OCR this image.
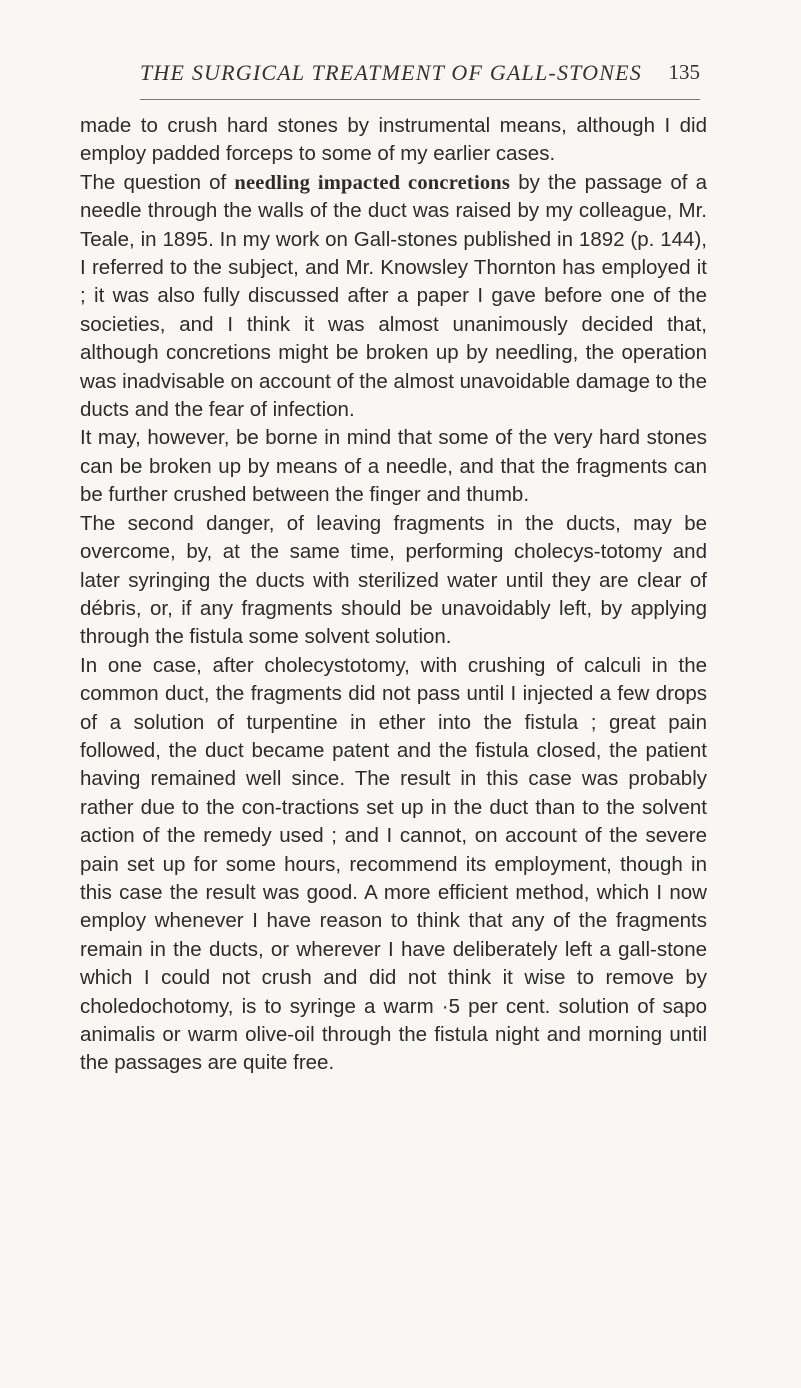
THE SURGICAL TREATMENT OF GALL-STONES 135

made to crush hard stones by instrumental means, although I did employ padded forceps to some of my earlier cases.

The question of needling impacted concretions by the passage of a needle through the walls of the duct was raised by my colleague, Mr. Teale, in 1895. In my work on Gall-stones published in 1892 (p. 144), I referred to the subject, and Mr. Knowsley Thornton has employed it ; it was also fully discussed after a paper I gave before one of the societies, and I think it was almost unanimously decided that, although concretions might be broken up by needling, the operation was inadvisable on account of the almost unavoidable damage to the ducts and the fear of infection.

It may, however, be borne in mind that some of the very hard stones can be broken up by means of a needle, and that the fragments can be further crushed between the finger and thumb.

The second danger, of leaving fragments in the ducts, may be overcome, by, at the same time, performing cholecys-totomy and later syringing the ducts with sterilized water until they are clear of débris, or, if any fragments should be unavoidably left, by applying through the fistula some solvent solution.

In one case, after cholecystotomy, with crushing of calculi in the common duct, the fragments did not pass until I injected a few drops of a solution of turpentine in ether into the fistula ; great pain followed, the duct became patent and the fistula closed, the patient having remained well since. The result in this case was probably rather due to the con-tractions set up in the duct than to the solvent action of the remedy used ; and I cannot, on account of the severe pain set up for some hours, recommend its employment, though in this case the result was good. A more efficient method, which I now employ whenever I have reason to think that any of the fragments remain in the ducts, or wherever I have deliberately left a gall-stone which I could not crush and did not think it wise to remove by choledochotomy, is to syringe a warm ·5 per cent. solution of sapo animalis or warm olive-oil through the fistula night and morning until the passages are quite free.
